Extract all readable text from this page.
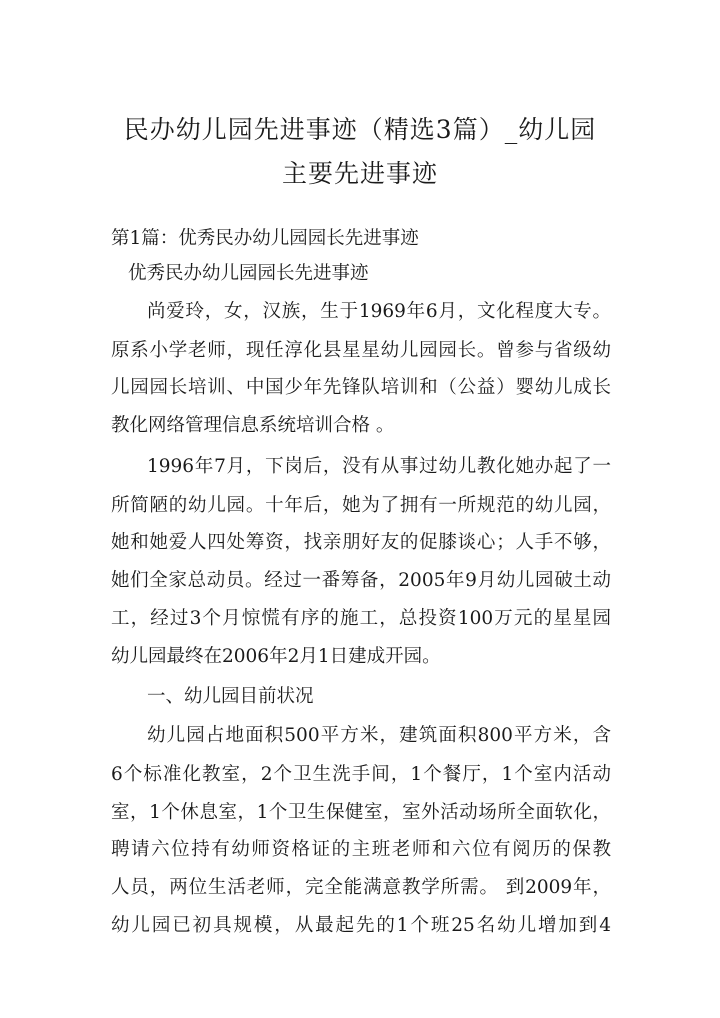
民办幼儿园先进事迹（精选3篇）_幼儿园
主要先进事迹
第1篇：优秀民办幼儿园园长先进事迹
优秀民办幼儿园园长先进事迹
尚爱玲，女，汉族，生于1969年6月，文化程度大专。
原系小学老师，现任淳化县星星幼儿园园长。曾参与省级幼
儿园园长培训、中国少年先锋队培训和（公益）婴幼儿成长
教化网络管理信息系统培训合格 。
1996年7月，下岗后，没有从事过幼儿教化她办起了一
所简陋的幼儿园。十年后，她为了拥有一所规范的幼儿园，
她和她爱人四处筹资，找亲朋好友的促膝谈心；人手不够，
她们全家总动员。经过一番筹备，2005年9月幼儿园破土动
工，经过3个月惊慌有序的施工，总投资100万元的星星园
幼儿园最终在2006年2月1日建成开园。
一、幼儿园目前状况
幼儿园占地面积500平方米，建筑面积800平方米，含
6个标准化教室，2个卫生洗手间，1个餐厅，1个室内活动
室，1个休息室，1个卫生保健室，室外活动场所全面软化，
聘请六位持有幼师资格证的主班老师和六位有阅历的保教
人员，两位生活老师，完全能满意教学所需。 到2009年，
幼儿园已初具规模，从最起先的1个班25名幼儿增加到4
